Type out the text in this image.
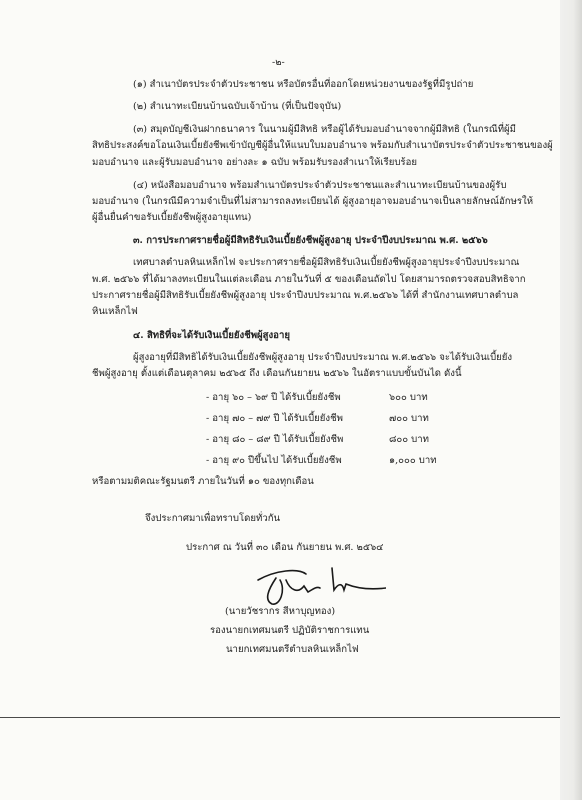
-๒-
(๑) สำเนาบัตรประจำตัวประชาชน หรือบัตรอื่นที่ออกโดยหน่วยงานของรัฐที่มีรูปถ่าย
(๒) สำเนาทะเบียนบ้านฉบับเจ้าบ้าน (ที่เป็นปัจจุบัน)
(๓) สมุดบัญชีเงินฝากธนาคาร ในนามผู้มีสิทธิ หรือผู้ได้รับมอบอำนาจจากผู้มีสิทธิ (ในกรณีที่ผู้มี
สิทธิประสงค์ขอโอนเงินเบี้ยยังชีพเข้าบัญชีผู้อื่นให้แนบใบมอบอำนาจ พร้อมกับสำเนาบัตรประจำตัวประชาชนของผู้
มอบอำนาจ และผู้รับมอบอำนาจ อย่างละ ๑ ฉบับ พร้อมรับรองสำเนาให้เรียบร้อย
(๔) หนังสือมอบอำนาจ พร้อมสำเนาบัตรประจำตัวประชาชนและสำเนาทะเบียนบ้านของผู้รับ
มอบอำนาจ (ในกรณีมีความจำเป็นที่ไม่สามารถลงทะเบียนได้ ผู้สูงอายุอาจมอบอำนาจเป็นลายลักษณ์อักษรให้
ผู้อื่นยื่นคำขอรับเบี้ยยังชีพผู้สูงอายุแทน)
๓. การประกาศรายชื่อผู้มีสิทธิรับเงินเบี้ยยังชีพผู้สูงอายุ ประจำปีงบประมาณ พ.ศ. ๒๕๖๖
เทศบาลตำบลหินเหล็กไฟ จะประกาศรายชื่อผู้มีสิทธิรับเงินเบี้ยยังชีพผู้สูงอายุประจำปีงบประมาณ
พ.ศ. ๒๕๖๖ ที่ได้มาลงทะเบียนในแต่ละเดือน ภายในวันที่ ๕ ของเดือนถัดไป โดยสามารถตรวจสอบสิทธิจาก
ประกาศรายชื่อผู้มีสิทธิรับเบี้ยยังชีพผู้สูงอายุ ประจำปีงบประมาณ พ.ศ.๒๕๖๖ ได้ที่ สำนักงานเทศบาลตำบล
หินเหล็กไฟ
๔. สิทธิที่จะได้รับเงินเบี้ยยังชีพผู้สูงอายุ
ผู้สูงอายุที่มีสิทธิได้รับเงินเบี้ยยังชีพผู้สูงอายุ ประจำปีงบประมาณ พ.ศ.๒๕๖๖ จะได้รับเงินเบี้ยยัง
ชีพผู้สูงอายุ ตั้งแต่เดือนตุลาคม ๒๕๖๕ ถึง เดือนกันยายน ๒๕๖๖ ในอัตราแบบขั้นบันได ดังนี้
- อายุ ๖๐ – ๖๙ ปี ได้รับเบี้ยยังชีพ	๖๐๐ บาท
- อายุ ๗๐ – ๗๙ ปี ได้รับเบี้ยยังชีพ	๗๐๐ บาท
- อายุ ๘๐ – ๘๙ ปี ได้รับเบี้ยยังชีพ	๘๐๐ บาท
- อายุ ๙๐ ปีขึ้นไป ได้รับเบี้ยยังชีพ	๑,๐๐๐ บาท
หรือตามมติคณะรัฐมนตรี ภายในวันที่ ๑๐ ของทุกเดือน
จึงประกาศมาเพื่อทราบโดยทั่วกัน
ประกาศ ณ วันที่ ๓๐ เดือน กันยายน พ.ศ. ๒๕๖๔
(นายวัชรากร สีหาบุญทอง)
รองนายกเทศมนตรี ปฏิบัติราชการแทน
นายกเทศมนตรีตำบลหินเหล็กไฟ
